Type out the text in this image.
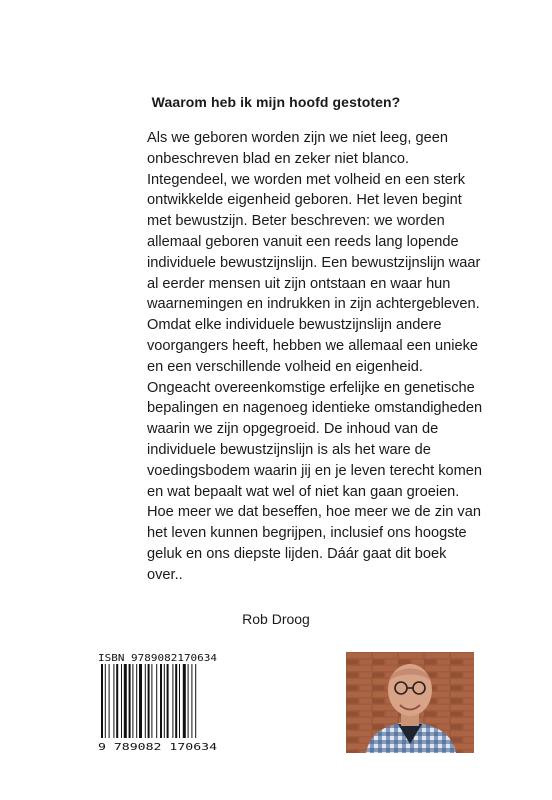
Waarom heb ik mijn hoofd gestoten?

Als we geboren worden zijn we niet leeg, geen
onbeschreven blad en zeker niet blanco.
Integendeel, we worden met volheid en een sterk
ontwikkelde eigenheid geboren. Het leven begint
met bewustzijn. Beter beschreven: we worden
allemaal geboren vanuit een reeds lang lopende
individuele bewustzijnslijn. Een bewustzijnslijn waar
al eerder mensen uit zijn ontstaan en waar hun
waarnemingen en indrukken in zijn achtergebleven.
Omdat elke individuele bewustzijnslijn andere
voorgangers heeft, hebben we allemaal een unieke
en een verschillende volheid en eigenheid.
Ongeacht overeenkomstige erfelijke en genetische
bepalingen en nagenoeg identieke omstandigheden
waarin we zijn opgegroeid. De inhoud van de
individuele bewustzijnslijn is als het ware de
voedingsbodem waarin jij en je leven terecht komen
en wat bepaalt wat wel of niet kan gaan groeien.
Hoe meer we dat beseffen, hoe meer we de zin van
het leven kunnen begrijpen, inclusief ons hoogste
geluk en ons diepste lijden. Dáár gaat dit boek
over..

Rob Droog
ISBN 9789082170634
9 789082 170634
